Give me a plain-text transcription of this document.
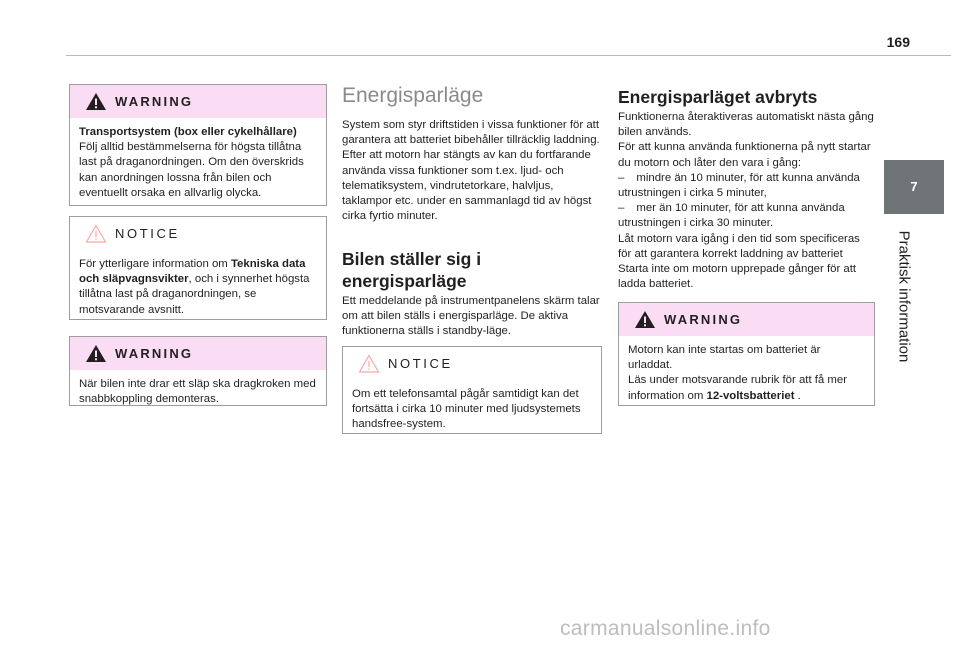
169
7
Praktisk information
WARNING
Transportsystem (box eller cykelhållare)
Följ alltid bestämmelserna för högsta tillåtna last på draganordningen. Om den överskrids kan anordningen lossna från bilen och eventuellt orsaka en allvarlig olycka.
NOTICE
För ytterligare information om Tekniska data och släpvagnsvikter, och i synnerhet högsta tillåtna last på draganordningen, se motsvarande avsnitt.
WARNING
När bilen inte drar ett släp ska dragkroken med snabbkoppling demonteras.
Energisparläge
System som styr driftstiden i vissa funktioner för att garantera att batteriet bibehåller tillräcklig laddning.
Efter att motorn har stängts av kan du fortfarande använda vissa funktioner som t.ex. ljud- och telematiksystem, vindrutetorkare, halvljus, taklampor etc. under en sammanlagd tid av högst cirka fyrtio minuter.
Bilen ställer sig i energisparläge
Ett meddelande på instrumentpanelens skärm talar om att bilen ställs i energisparläge. De aktiva funktionerna ställs i standby-läge.
NOTICE
Om ett telefonsamtal pågår samtidigt kan det fortsätta i cirka 10 minuter med ljudsystemets handsfree-system.
Energisparläget avbryts
Funktionerna återaktiveras automatiskt nästa gång bilen används.
För att kunna använda funktionerna på nytt startar du motorn och låter den vara i gång:
– mindre än 10 minuter, för att kunna använda utrustningen i cirka 5 minuter,
– mer än 10 minuter, för att kunna använda utrustningen i cirka 30 minuter.
Låt motorn vara igång i den tid som specificeras för att garantera korrekt laddning av batteriet
Starta inte om motorn upprepade gånger för att ladda batteriet.
WARNING
Motorn kan inte startas om batteriet är urladdat.
Läs under motsvarande rubrik för att få mer information om 12-voltsbatteriet .
carmanualsonline.info
